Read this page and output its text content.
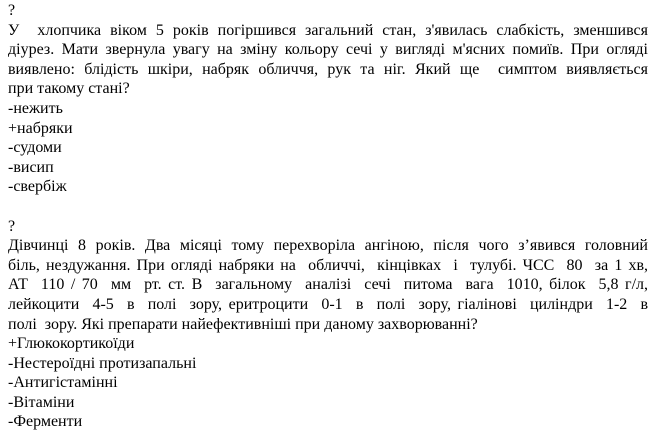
?
У  хлопчика віком 5 років погіршився загальний стан, з'явилась слабкість, зменшився
діурез. Мати звернула увагу на зміну кольору сечі у вигляді м'ясних помиїв. При огляді
виявлено: блідість шкіри, набряк обличчя, рук та ніг. Який ще  симптом виявляється
при такому стані?
-нежить
+набряки
-судоми
-висип
-свербіж
?
Дівчинці 8 років. Два місяці тому перехворіла ангіною, після чого з’явився головний
біль, нездужання. При огляді набряки на  обличчі,  кінцівках  і  тулубі. ЧСС  80  за 1 хв,
АТ  110 / 70  мм  рт. ст. В  загальному  аналізі  сечі  питома  вага  1010, білок  5,8 г/л,
лейкоцити  4-5  в  полі  зору, еритроцити  0-1  в  полі  зору, гіалінові  циліндри  1-2  в
полі  зору. Які препарати найефективніші при даному захворюванні?
+Глюкокортикоїди
-Нестероїдні протизапальні
-Антигістамінні
-Вітаміни
-Ферменти
